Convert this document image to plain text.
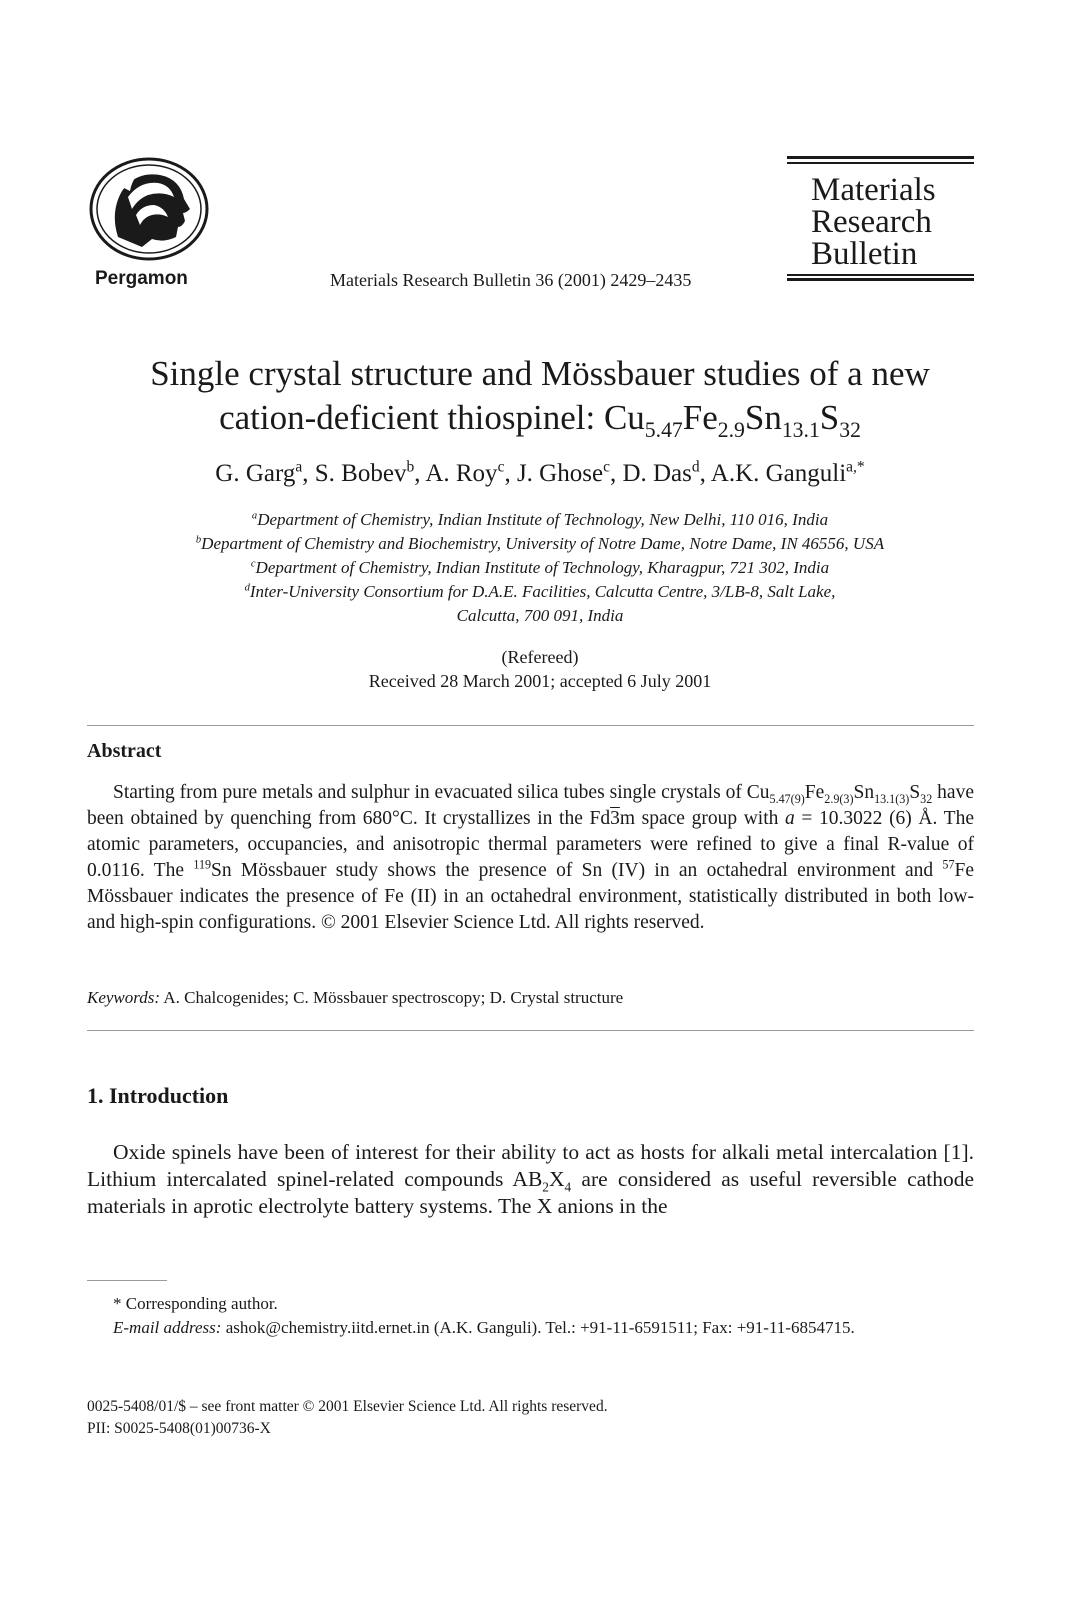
Pergamon	Materials Research Bulletin 36 (2001) 2429–2435
Materials
Research
Bulletin
Single crystal structure and Mössbauer studies of a new
cation-deficient thiospinel: $Cu_{5.47}Fe_{2.9}Sn_{13.1}S_{32}$
G. Garg$^a$, S. Bobev$^b$, A. Roy$^c$, J. Ghose$^c$, D. Das$^d$, A.K. Ganguli$^{a,*}$
$^a$Department of Chemistry, Indian Institute of Technology, New Delhi, 110 016, India
$^b$Department of Chemistry and Biochemistry, University of Notre Dame, Notre Dame, IN 46556, USA
$^c$Department of Chemistry, Indian Institute of Technology, Kharagpur, 721 302, India
$^d$Inter-University Consortium for D.A.E. Facilities, Calcutta Centre, 3/LB-8, Salt Lake,
Calcutta, 700 091, India
(Refereed)
Received 28 March 2001; accepted 6 July 2001
Abstract
Starting from pure metals and sulphur in evacuated silica tubes single crystals of $Cu_{5.47(9)}Fe_{2.9(3)}Sn_{13.1(3)}S_{32}$ have been obtained by quenching from 680°C. It crystallizes in the Fd3m space group with a = 10.3022 (6) Å. The atomic parameters, occupancies, and anisotropic thermal parameters were refined to give a final R-value of 0.0116. The $^{119}$Sn Mössbauer study shows the presence of Sn (IV) in an octahedral environment and $^{57}$Fe Mössbauer indicates the presence of Fe (II) in an octahedral environment, statistically distributed in both low- and high-spin configurations. © 2001 Elsevier Science Ltd. All rights reserved.
Keywords: A. Chalcogenides; C. Mössbauer spectroscopy; D. Crystal structure
1. Introduction
Oxide spinels have been of interest for their ability to act as hosts for alkali metal intercalation [1]. Lithium intercalated spinel-related compounds $AB_2X_4$ are considered as useful reversible cathode materials in aprotic electrolyte battery systems. The X anions in the
* Corresponding author.
E-mail address: ashok@chemistry.iitd.ernet.in (A.K. Ganguli). Tel.: +91-11-6591511; Fax: +91-11-6854715.
0025-5408/01/$ – see front matter © 2001 Elsevier Science Ltd. All rights reserved.
PII: S0025-5408(01)00736-X
